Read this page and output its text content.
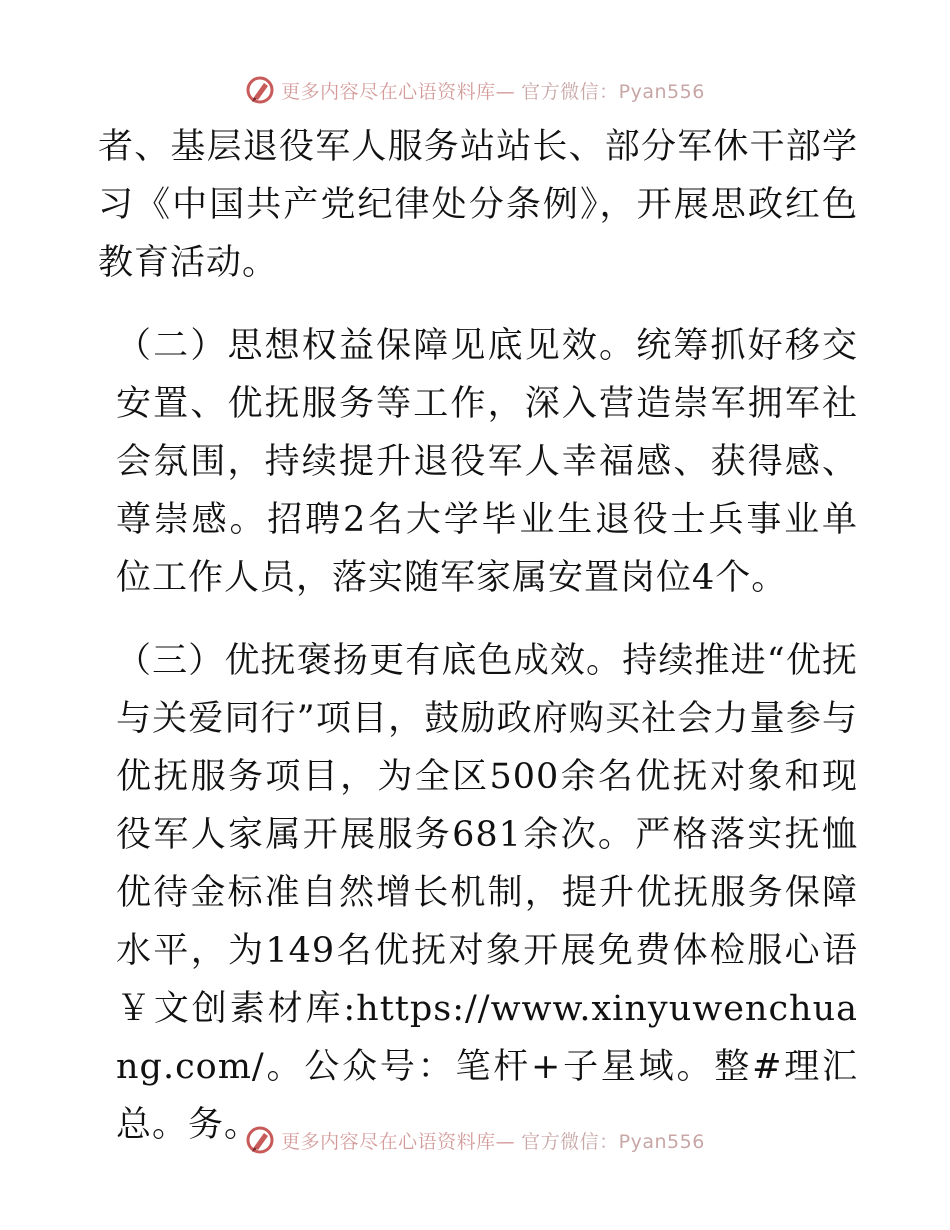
更多内容尽在心语资料库— 官方微信：Pyan556

者、基层退役军人服务站站长、部分军休干部学习《中国共产党纪律处分条例》，开展思政红色教育活动。

（二）思想权益保障见底见效。统筹抓好移交安置、优抚服务等工作，深入营造崇军拥军社会氛围，持续提升退役军人幸福感、获得感、尊崇感。招聘2名大学毕业生退役士兵事业单位工作人员，落实随军家属安置岗位4个。

（三）优抚褒扬更有底色成效。持续推进“优抚与关爱同行”项目，鼓励政府购买社会力量参与优抚服务项目，为全区500余名优抚对象和现役军人家属开展服务681余次。严格落实抚恤优待金标准自然增长机制，提升优抚服务保障水平，为149名优抚对象开展免费体检服心语￥文创素材库:https://www.xinyuwenchuang.com/。公众号：笔杆+子星域。整#理汇总。务。	更多内容尽在心语资料库— 官方微信：Pyan556
